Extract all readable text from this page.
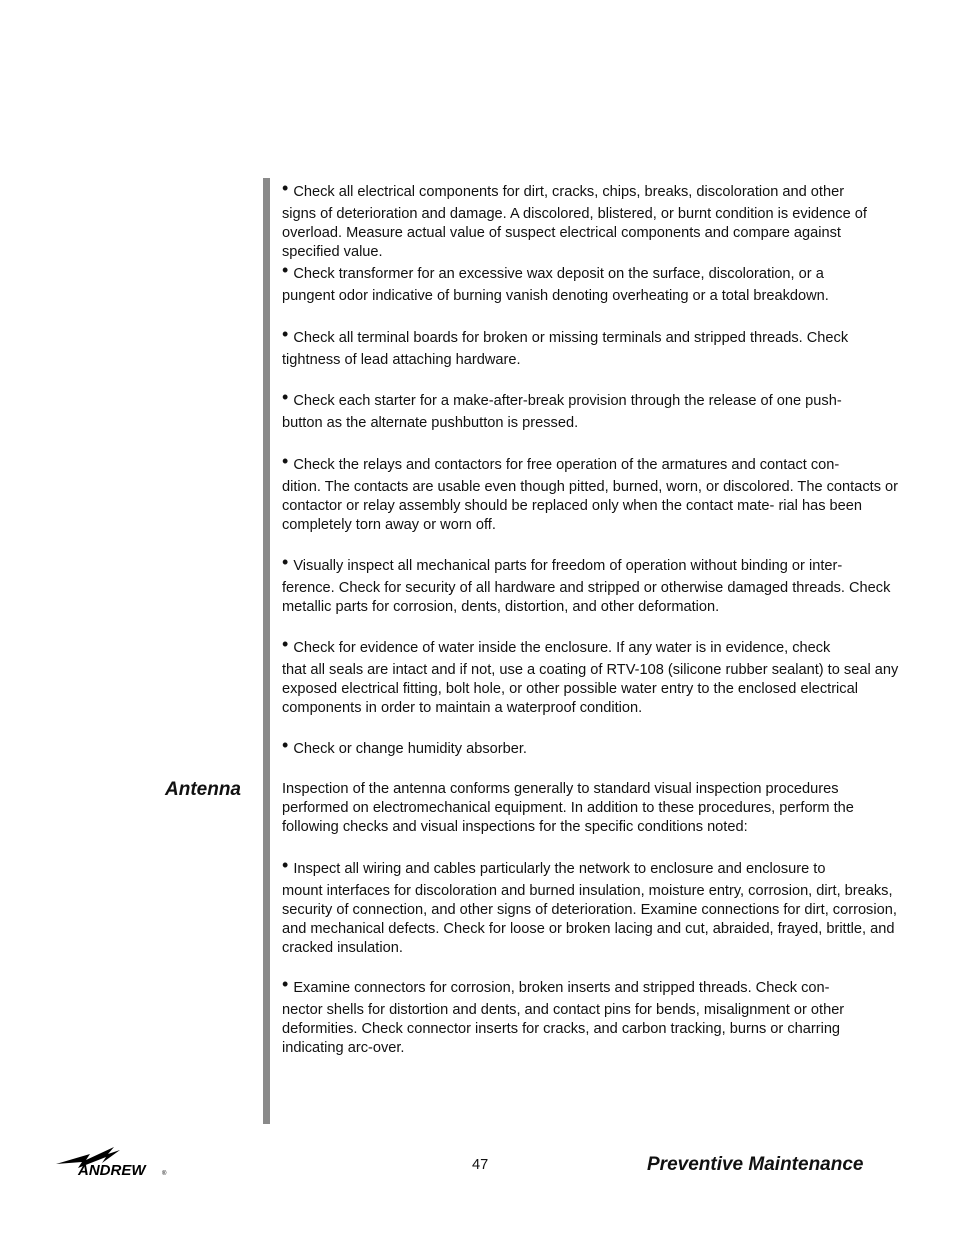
• Check all electrical components for dirt, cracks, chips, breaks, discoloration and other
signs of deterioration and damage. A discolored, blistered, or burnt condition is evidence of overload. Measure actual value of suspect electrical components and compare against specified value.
• Check transformer for an excessive wax deposit on the surface, discoloration, or a
pungent odor indicative of burning vanish denoting overheating or a total breakdown.
• Check all terminal boards for broken or missing terminals and stripped threads. Check
tightness of lead attaching hardware.
• Check each starter for a make-after-break provision through the release of one push-
button as the alternate pushbutton is pressed.
• Check the relays and contactors for free operation of the armatures and contact con-
dition. The contacts are usable even though pitted, burned, worn, or discolored. The contacts or contactor or relay assembly should be replaced only when the contact mate- rial has been completely torn away or worn off.
• Visually inspect all mechanical parts for freedom of operation without binding or inter-
ference. Check for security of all hardware and stripped or otherwise damaged threads. Check metallic parts for corrosion, dents, distortion, and other deformation.
• Check for evidence of water inside the enclosure. If any water is in evidence, check
that all seals are intact and if not, use a coating of RTV-108 (silicone rubber sealant) to seal any exposed electrical fitting, bolt hole, or other possible water entry to the enclosed electrical components in order to maintain a waterproof condition.
• Check or change humidity absorber.
Antenna	Inspection of the antenna conforms generally to standard visual inspection procedures performed on electromechanical equipment. In addition to these procedures, perform the following checks and visual inspections for the specific conditions noted:
• Inspect all wiring and cables particularly the network to enclosure and enclosure to
mount interfaces for discoloration and burned insulation, moisture entry, corrosion, dirt, breaks, security of connection, and other signs of deterioration. Examine connections for dirt, corrosion, and mechanical defects. Check for loose or broken lacing and cut, abraided, frayed, brittle, and cracked insulation.
• Examine connectors for corrosion, broken inserts and stripped threads. Check con-
nector shells for distortion and dents, and contact pins for bends, misalignment or other deformities. Check connector inserts for cracks, and carbon tracking, burns or charring indicating arc-over.
ANDREW	®
47	Preventive Maintenance
